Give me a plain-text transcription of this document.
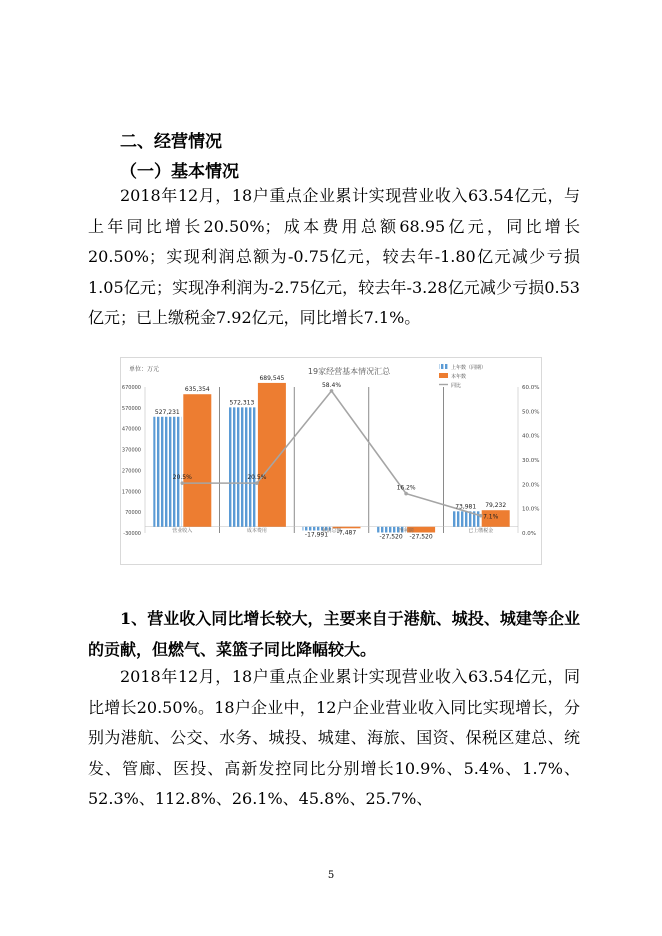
二、经营情况
（一）基本情况
2018年12月，18户重点企业累计实现营业收入63.54亿元，与上年同比增长20.50%；成本费用总额68.95亿元，同比增长20.50%；实现利润总额为-0.75亿元，较去年-1.80亿元减少亏损1.05亿元；实现净利润为-2.75亿元，较去年-3.28亿元减少亏损0.53亿元；已上缴税金7.92亿元，同比增长7.1%。
单位：万元	19家经营基本情况汇总
527,231
635,354
572,313
689,545
-17,991 -7,487
-27,520 -27,520
73,981 79,232
20.5%	20.5%
58.4%
16.2%
7.1%
-30000
70000
170000
270000
370000
470000
570000
670000
0.0%
10.0%
20.0%
30.0%
40.0%
50.0%
60.0%
营业收入	成本费用	利润总额	净利润	已上缴税金
上年数（同期）
本年数
同比
1、营业收入同比增长较大，主要来自于港航、城投、城建等企业的贡献，但燃气、菜篮子同比降幅较大。
2018年12月，18户重点企业累计实现营业收入63.54亿元，同比增长20.50%。18户企业中，12户企业营业收入同比实现增长，分别为港航、公交、水务、城投、城建、海旅、国资、保税区建总、统发、管廊、医投、高新发控同比分别增长10.9%、5.4%、1.7%、52.3%、112.8%、26.1%、45.8%、25.7%、
5
